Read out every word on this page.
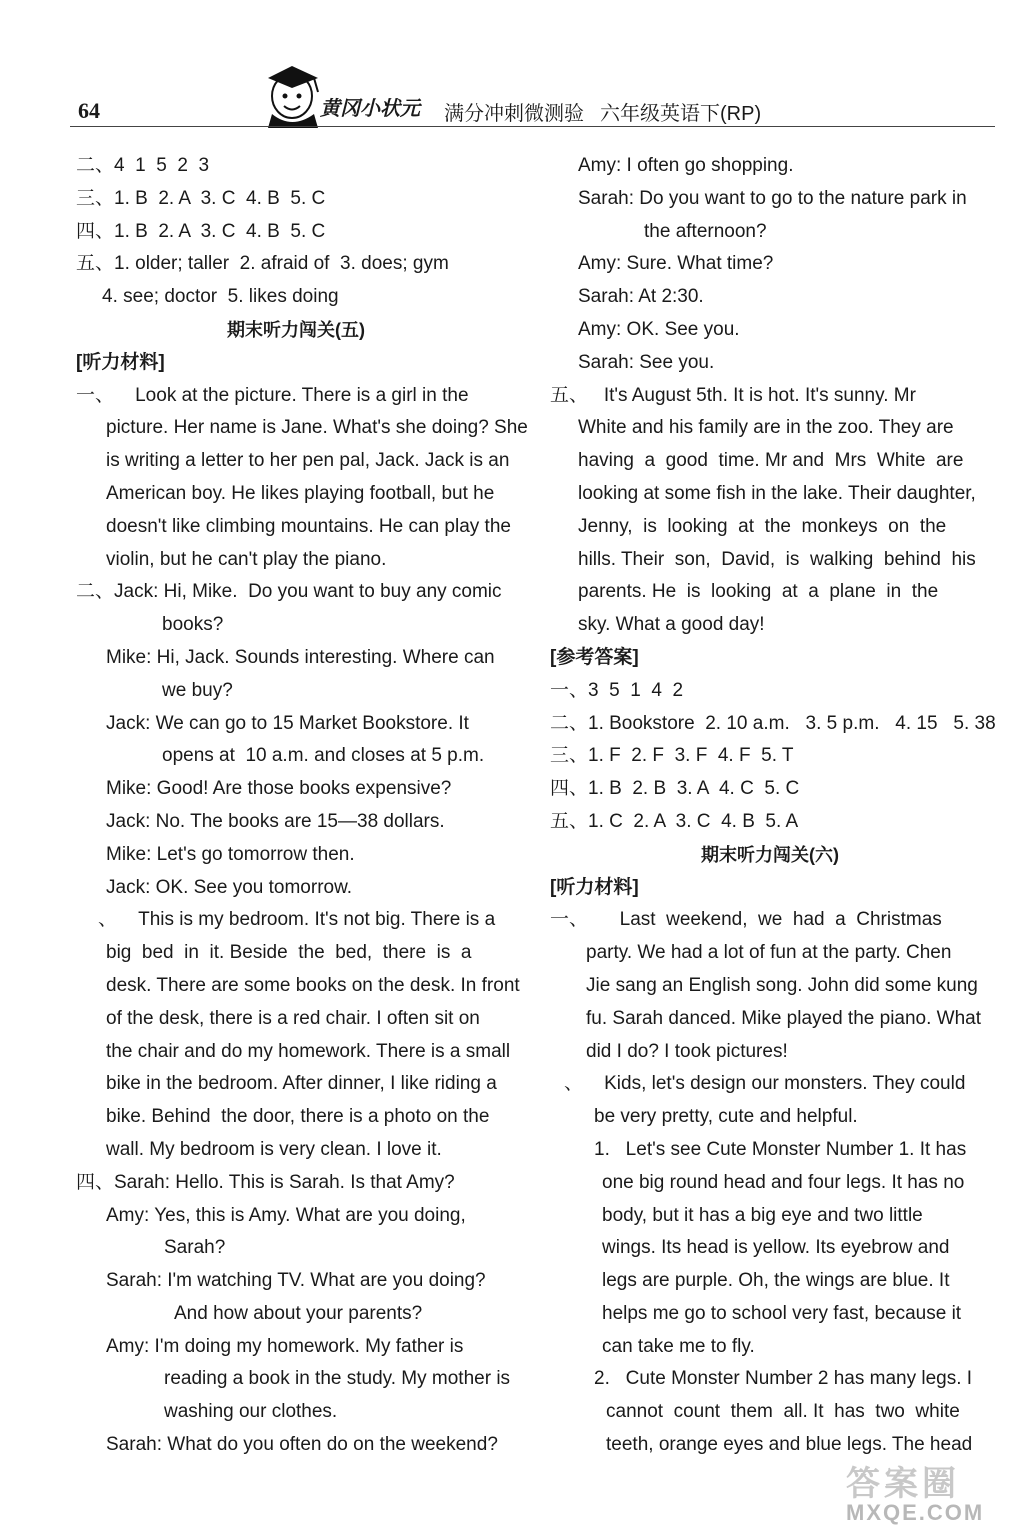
64	黄冈小状元 满分冲刺微测验 六年级英语下(RP)
二、4  1  5  2  3
三、1. B  2. A  3. C  4. B  5. C
四、1. B  2. A  3. C  4. B  5. C
五、1. older; taller  2. afraid of  3. does; gym
4. see; doctor  5. likes doing
期末听力闯关(五)
[听力材料]
一、    Look at the picture. There is a girl in the
picture. Her name is Jane. What's she doing? She
is writing a letter to her pen pal, Jack. Jack is an
American boy. He likes playing football, but he
doesn't like climbing mountains. He can play the
violin, but he can't play the piano.
二、Jack: Hi, Mike.  Do you want to buy any comic
books?
Mike: Hi, Jack. Sounds interesting. Where can
we buy?
Jack: We can go to 15 Market Bookstore. It
opens at  10 a.m. and closes at 5 p.m.
Mike: Good! Are those books expensive?
Jack: No. The books are 15—38 dollars.
Mike: Let's go tomorrow then.
Jack: OK. See you tomorrow.
、    This is my bedroom. It's not big. There is a
big  bed  in  it. Beside  the  bed,  there  is  a
desk. There are some books on the desk. In front
of the desk, there is a red chair. I often sit on
the chair and do my homework. There is a small
bike in the bedroom. After dinner, I like riding a
bike. Behind  the door, there is a photo on the
wall. My bedroom is very clean. I love it.
四、Sarah: Hello. This is Sarah. Is that Amy?
Amy: Yes, this is Amy. What are you doing,
Sarah?
Sarah: I'm watching TV. What are you doing?
And how about your parents?
Amy: I'm doing my homework. My father is
reading a book in the study. My mother is
washing our clothes.
Sarah: What do you often do on the weekend?
Amy: I often go shopping.
Sarah: Do you want to go to the nature park in
the afternoon?
Amy: Sure. What time?
Sarah: At 2:30.
Amy: OK. See you.
Sarah: See you.
五、   It's August 5th. It is hot. It's sunny. Mr
White and his family are in the zoo. They are
having  a  good  time. Mr and  Mrs  White  are
looking at some fish in the lake. Their daughter,
Jenny,  is  looking  at  the  monkeys  on  the
hills. Their  son,  David,  is  walking  behind  his
parents. He  is  looking  at  a  plane  in  the
sky. What a good day!
[参考答案]
一、3  5  1  4  2
二、1. Bookstore  2. 10 a.m.   3. 5 p.m.   4. 15   5. 38
三、1. F  2. F  3. F  4. F  5. T
四、1. B  2. B  3. A  4. C  5. C
五、1. C  2. A  3. C  4. B  5. A
期末听力闯关(六)
[听力材料]
一、      Last  weekend,  we  had  a  Christmas
party. We had a lot of fun at the party. Chen
Jie sang an English song. John did some kung
fu. Sarah danced. Mike played the piano. What
did I do? I took pictures!
、    Kids, let's design our monsters. They could
be very pretty, cute and helpful.
1.   Let's see Cute Monster Number 1. It has
one big round head and four legs. It has no
body, but it has a big eye and two little
wings. Its head is yellow. Its eyebrow and
legs are purple. Oh, the wings are blue. It
helps me go to school very fast, because it
can take me to fly.
2.   Cute Monster Number 2 has many legs. I
cannot  count  them  all. It  has  two  white
teeth, orange eyes and blue legs. The head
答案圈
MXQE.COM
